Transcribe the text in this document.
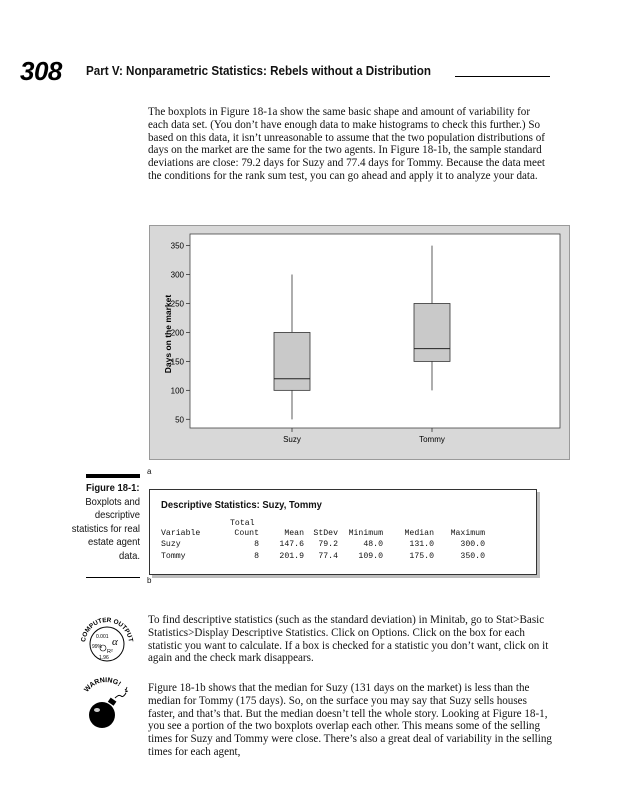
308 Part V: Nonparametric Statistics: Rebels without a Distribution
The boxplots in Figure 18-1a show the same basic shape and amount of variability for each data set. (You don’t have enough data to make histograms to check this further.) So based on this data, it isn’t unreasonable to assume that the two population distributions of days on the market are the same for the two agents. In Figure 18-1b, the sample standard deviations are close: 79.2 days for Suzy and 77.4 days for Tommy. Because the data meet the conditions for the rank sum test, you can go ahead and apply it to analyze your data.
50
100
150
200
250
300
350
Suzy	Tommy
Days on the market
a
Figure 18-1:
Boxplots and descriptive statistics for real estate agent data.
Descriptive Statistics: Suzy, Tommy
Total
Variable	Count	Mean StDev Minimum	Median Maximum
Suzy	8 147.6 79.2	48.0	131.0	300.0
Tommy	8 201.9 77.4 109.0	175.0	350.0
b
COMPUTER OUTPUT
0.001 α
99%
R²
1.96
WARNING!
To find descriptive statistics (such as the standard deviation) in Minitab, go to Stat>Basic Statistics>Display Descriptive Statistics. Click on Options. Click on the box for each statistic you want to calculate. If a box is checked for a statistic you don’t want, click on it again and the check mark disappears.
Figure 18-1b shows that the median for Suzy (131 days on the market) is less than the median for Tommy (175 days). So, on the surface you may say that Suzy sells houses faster, and that’s that. But the median doesn’t tell the whole story. Looking at Figure 18-1, you see a portion of the two boxplots overlap each other. This means some of the selling times for Suzy and Tommy were close. There’s also a great deal of variability in the selling times for each agent,
